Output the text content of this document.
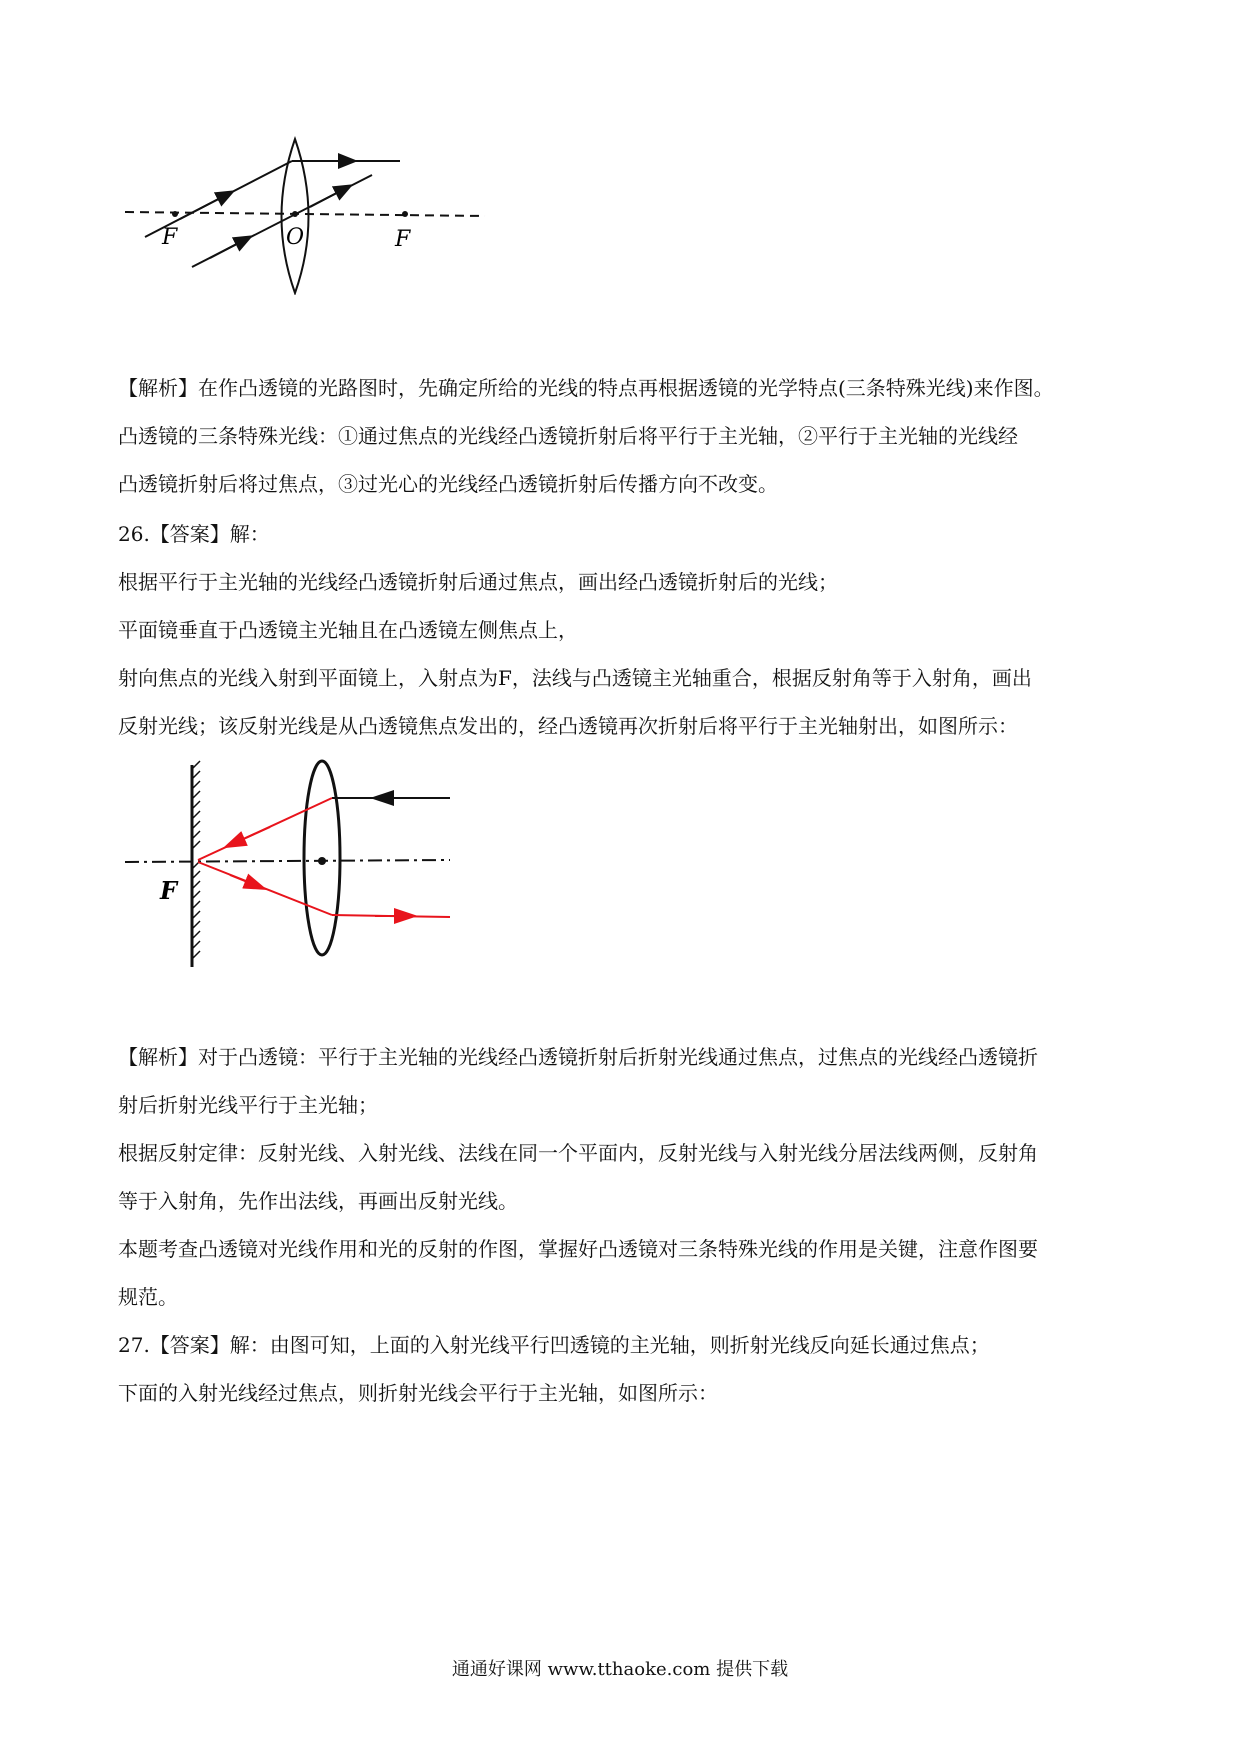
F	O	F

【解析】在作凸透镜的光路图时，先确定所给的光线的特点再根据透镜的光学特点(三条特殊光线)来作图。

凸透镜的三条特殊光线：①通过焦点的光线经凸透镜折射后将平行于主光轴，②平行于主光轴的光线经

凸透镜折射后将过焦点，③过光心的光线经凸透镜折射后传播方向不改变。

26.【答案】解：

根据平行于主光轴的光线经凸透镜折射后通过焦点，画出经凸透镜折射后的光线；

平面镜垂直于凸透镜主光轴且在凸透镜左侧焦点上，

射向焦点的光线入射到平面镜上，入射点为F，法线与凸透镜主光轴重合，根据反射角等于入射角，画出

反射光线；该反射光线是从凸透镜焦点发出的，经凸透镜再次折射后将平行于主光轴射出，如图所示：

F

【解析】对于凸透镜：平行于主光轴的光线经凸透镜折射后折射光线通过焦点，过焦点的光线经凸透镜折

射后折射光线平行于主光轴；

根据反射定律：反射光线、入射光线、法线在同一个平面内，反射光线与入射光线分居法线两侧，反射角

等于入射角，先作出法线，再画出反射光线。

本题考查凸透镜对光线作用和光的反射的作图，掌握好凸透镜对三条特殊光线的作用是关键，注意作图要

规范。

27.【答案】解：由图可知，上面的入射光线平行凹透镜的主光轴，则折射光线反向延长通过焦点；

下面的入射光线经过焦点，则折射光线会平行于主光轴，如图所示：

通通好课网 www.tthaoke.com 提供下载
